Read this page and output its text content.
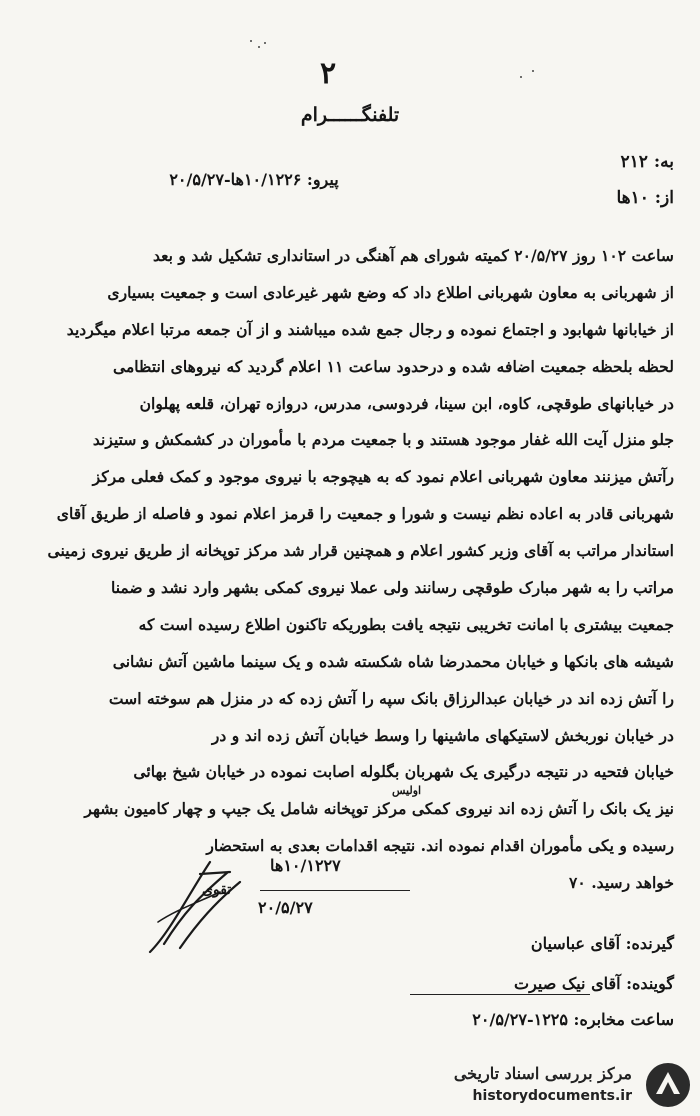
۲
تلفنگــــــرام
به: ۲۱۲
از: ۱۰ه‍ا
پیرو: ۱۰/۱۲۲۶ه‍ا-۲۰/۵/۲۷
ساعت ۱۰۲ روز ۲۰/۵/۲۷ کمیته شورای هم آهنگی در استانداری تشکیل شد و بعد
از شهربانی به معاون شهربانی اطلاع داد که وضع شهر غیرعادی است و جمعیت بسیاری
از خیابانها شهابود و اجتماع نموده و رجال جمع شده میباشند و از آن جمعه مرتبا اعلام میگردید
لحظه بلحظه جمعیت اضافه شده و درحدود ساعت ۱۱ اعلام گردید که نیروهای انتظامی
در خیابانهای طوقچی، کاوه، ابن سینا، فردوسی، مدرس، دروازه تهران، قلعه پهلوان
جلو منزل آیت الله غفار موجود هستند و با جمعیت مردم با مأموران در کشمکش و ستیزند
رآتش میزنند معاون شهربانی اعلام نمود که به هیچوجه با نیروی موجود و کمک فعلی مرکز
شهربانی قادر به اعاده نظم نیست و شورا و جمعیت را قرمز اعلام نمود و فاصله از طریق آقای
استاندار مراتب به آقای وزیر کشور اعلام و همچنین قرار شد مرکز توپخانه از طریق نیروی زمینی
مراتب را به شهر مبارک طوقچی رسانند ولی عملا نیروی کمکی بشهر وارد نشد و ضمنا
جمعیت بیشتری با امانت تخریبی نتیجه یافت بطوریکه تاکنون اطلاع رسیده است که
شیشه های بانکها و خیابان محمدرضا شاه شکسته شده و یک سینما ماشین آتش نشانی
را آتش زده اند در خیابان عبدالرزاق بانک سپه را آتش زده که در منزل هم سوخته است
در خیابان نوربخش لاستیکهای ماشینها را وسط خیابان آتش زده اند و در
خیابان فتحیه در نتیجه درگیری یک شهربان بگلوله اصابت نموده در خیابان شیخ بهائی
نیز یک بانک را آتش زده اند نیروی کمکی مرکز توپخانه شامل یک جیپ و چهار کامیون بشهر
رسیده و یکی مأموران اقدام نموده اند. نتیجه اقدامات بعدی به استحضار
خواهد رسید. ۷۰
اولیس
۱۰/۱۲۲۷ه‍ا
تقوی
۲۰/۵/۲۷
گیرنده: آقای عباسیان
گوینده: آقای نیک صیرت
ساعت مخابره: ۱۲۲۵-۲۰/۵/۲۷
مرکز بررسی اسناد تاریخی
historydocuments.ir
